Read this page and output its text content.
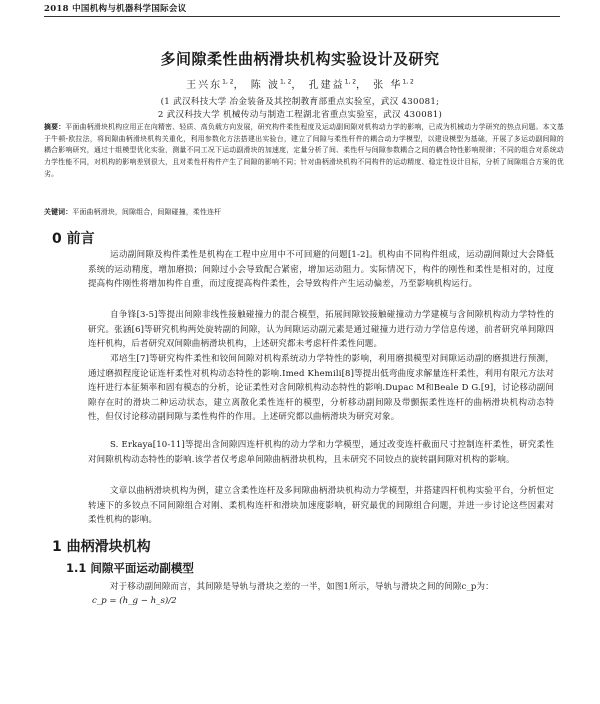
2018 中国机构与机器科学国际会议
多间隙柔性曲柄滑块机构实验设计及研究
王兴东$^{1, 2}$， 陈 波$^{1, 2}$， 孔建益$^{1, 2}$， 张 华$^{1, 2}$
(1 武汉科技大学 冶金装备及其控制教育部重点实验室，武汉 430081;
2 武汉科技大学 机械传动与制造工程湖北省重点实验室，武汉 430081)
摘要：平面曲柄滑块机构应用正在向精密、轻质、高负载方向发展，研究构件柔性程度及运动副间隙对机构动力学的影响，已成为机械动力学研究的热点问题。本文基于牛顿-欧拉法，将间隙曲柄滑块机构关重化，利用参数化方法搭建出实验台，建立了间隙与柔性杆件的耦合动力学模型，以建设模型为基础，开展了多运动副间隙的耦合影响研究，通过十组模型优化实验，测量不同工况下运动副滑块的加速度，定量分析了间、柔性杆与间隙参数耦合之间的耦合特性影响规律；不同的组合对系统动力学性能不同，对机构的影响差别很大，且对柔性杆构件产生了间隙的影响不同；针对曲柄滑块机构不同构件的运动精度、稳定性设计目标，分析了间隙组合方案的优劣。
关键词：平面曲柄滑块，间隙组合，间隙碰撞，柔性连杆
0 前言
运动副间隙及构件柔性是机构在工程中应用中不可回避的问题[1-2]。机构由不同构件组成，运动副间隙过大会降低系统的运动精度，增加磨损；间隙过小会导致配合紧密，增加运动阻力。实际情况下，构件的刚性和柔性是相对的，过度提高构件刚性将增加构件自重，而过度提高构件柔性，会导致构件产生运动偏差，乃至影响机构运行。
自争锋[3-5]等提出间隙非线性接触碰撞力的混合模型，拓展间隙铰接触碰撞动力学建模与含间隙机构动力学特性的研究。张涵[6]等研究机构两处旋转副的间隙，认为间隙运动副元素是通过碰撞力进行动力学信息传递，前者研究单间隙四连杆机构，后者研究双间隙曲柄滑块机构，上述研究都未考虑杆件柔性问题。
邓培生[7]等研究构件柔性和铰间间隙对机构系统动力学特性的影响，利用磨损模型对间隙运动副的磨损进行预测，通过磨损程度论证连杆柔性对机构动态特性的影响.Imed Khemili[8]等提出低弯曲度求解量连杆柔性，利用有限元方法对连杆进行本征频率和固有模态的分析，论证柔性对含间隙机构动态特性的影响.Dupac M和Beale D G.[9]，讨论移动副间隙存在时的滑块二种运动状态，建立离散化柔性连杆的模型，分析移动副间隙及带颤振柔性连杆的曲柄滑块机构动态特性，但仅讨论移动副间隙与柔性构件的作用。上述研究都以曲柄滑块为研究对象。
S. Erkaya[10-11]等提出含间隙四连杆机构的动力学和力学模型，通过改变连杆截面尺寸控制连杆柔性，研究柔性对间隙机构动态特性的影响.该学者仅考虑单间隙曲柄滑块机构，且未研究不同铰点的旋转副间隙对机构的影响。
文章以曲柄滑块机构为例，建立含柔性连杆及多间隙曲柄滑块机构动力学模型，并搭建四杆机构实验平台，分析恒定转速下的多铰点不同间隙组合对刚、柔机构连杆和滑块加速度影响，研究最优的间隙组合问题，并进一步讨论这些因素对柔性机构的影响。
1 曲柄滑块机构
1.1 间隙平面运动副模型
对于移动副间隙而言，其间隙是导轨与滑块之差的一半，如图1所示，导轨与滑块之间的间隙c_p为：
c_p = (h_g − h_s)/2
